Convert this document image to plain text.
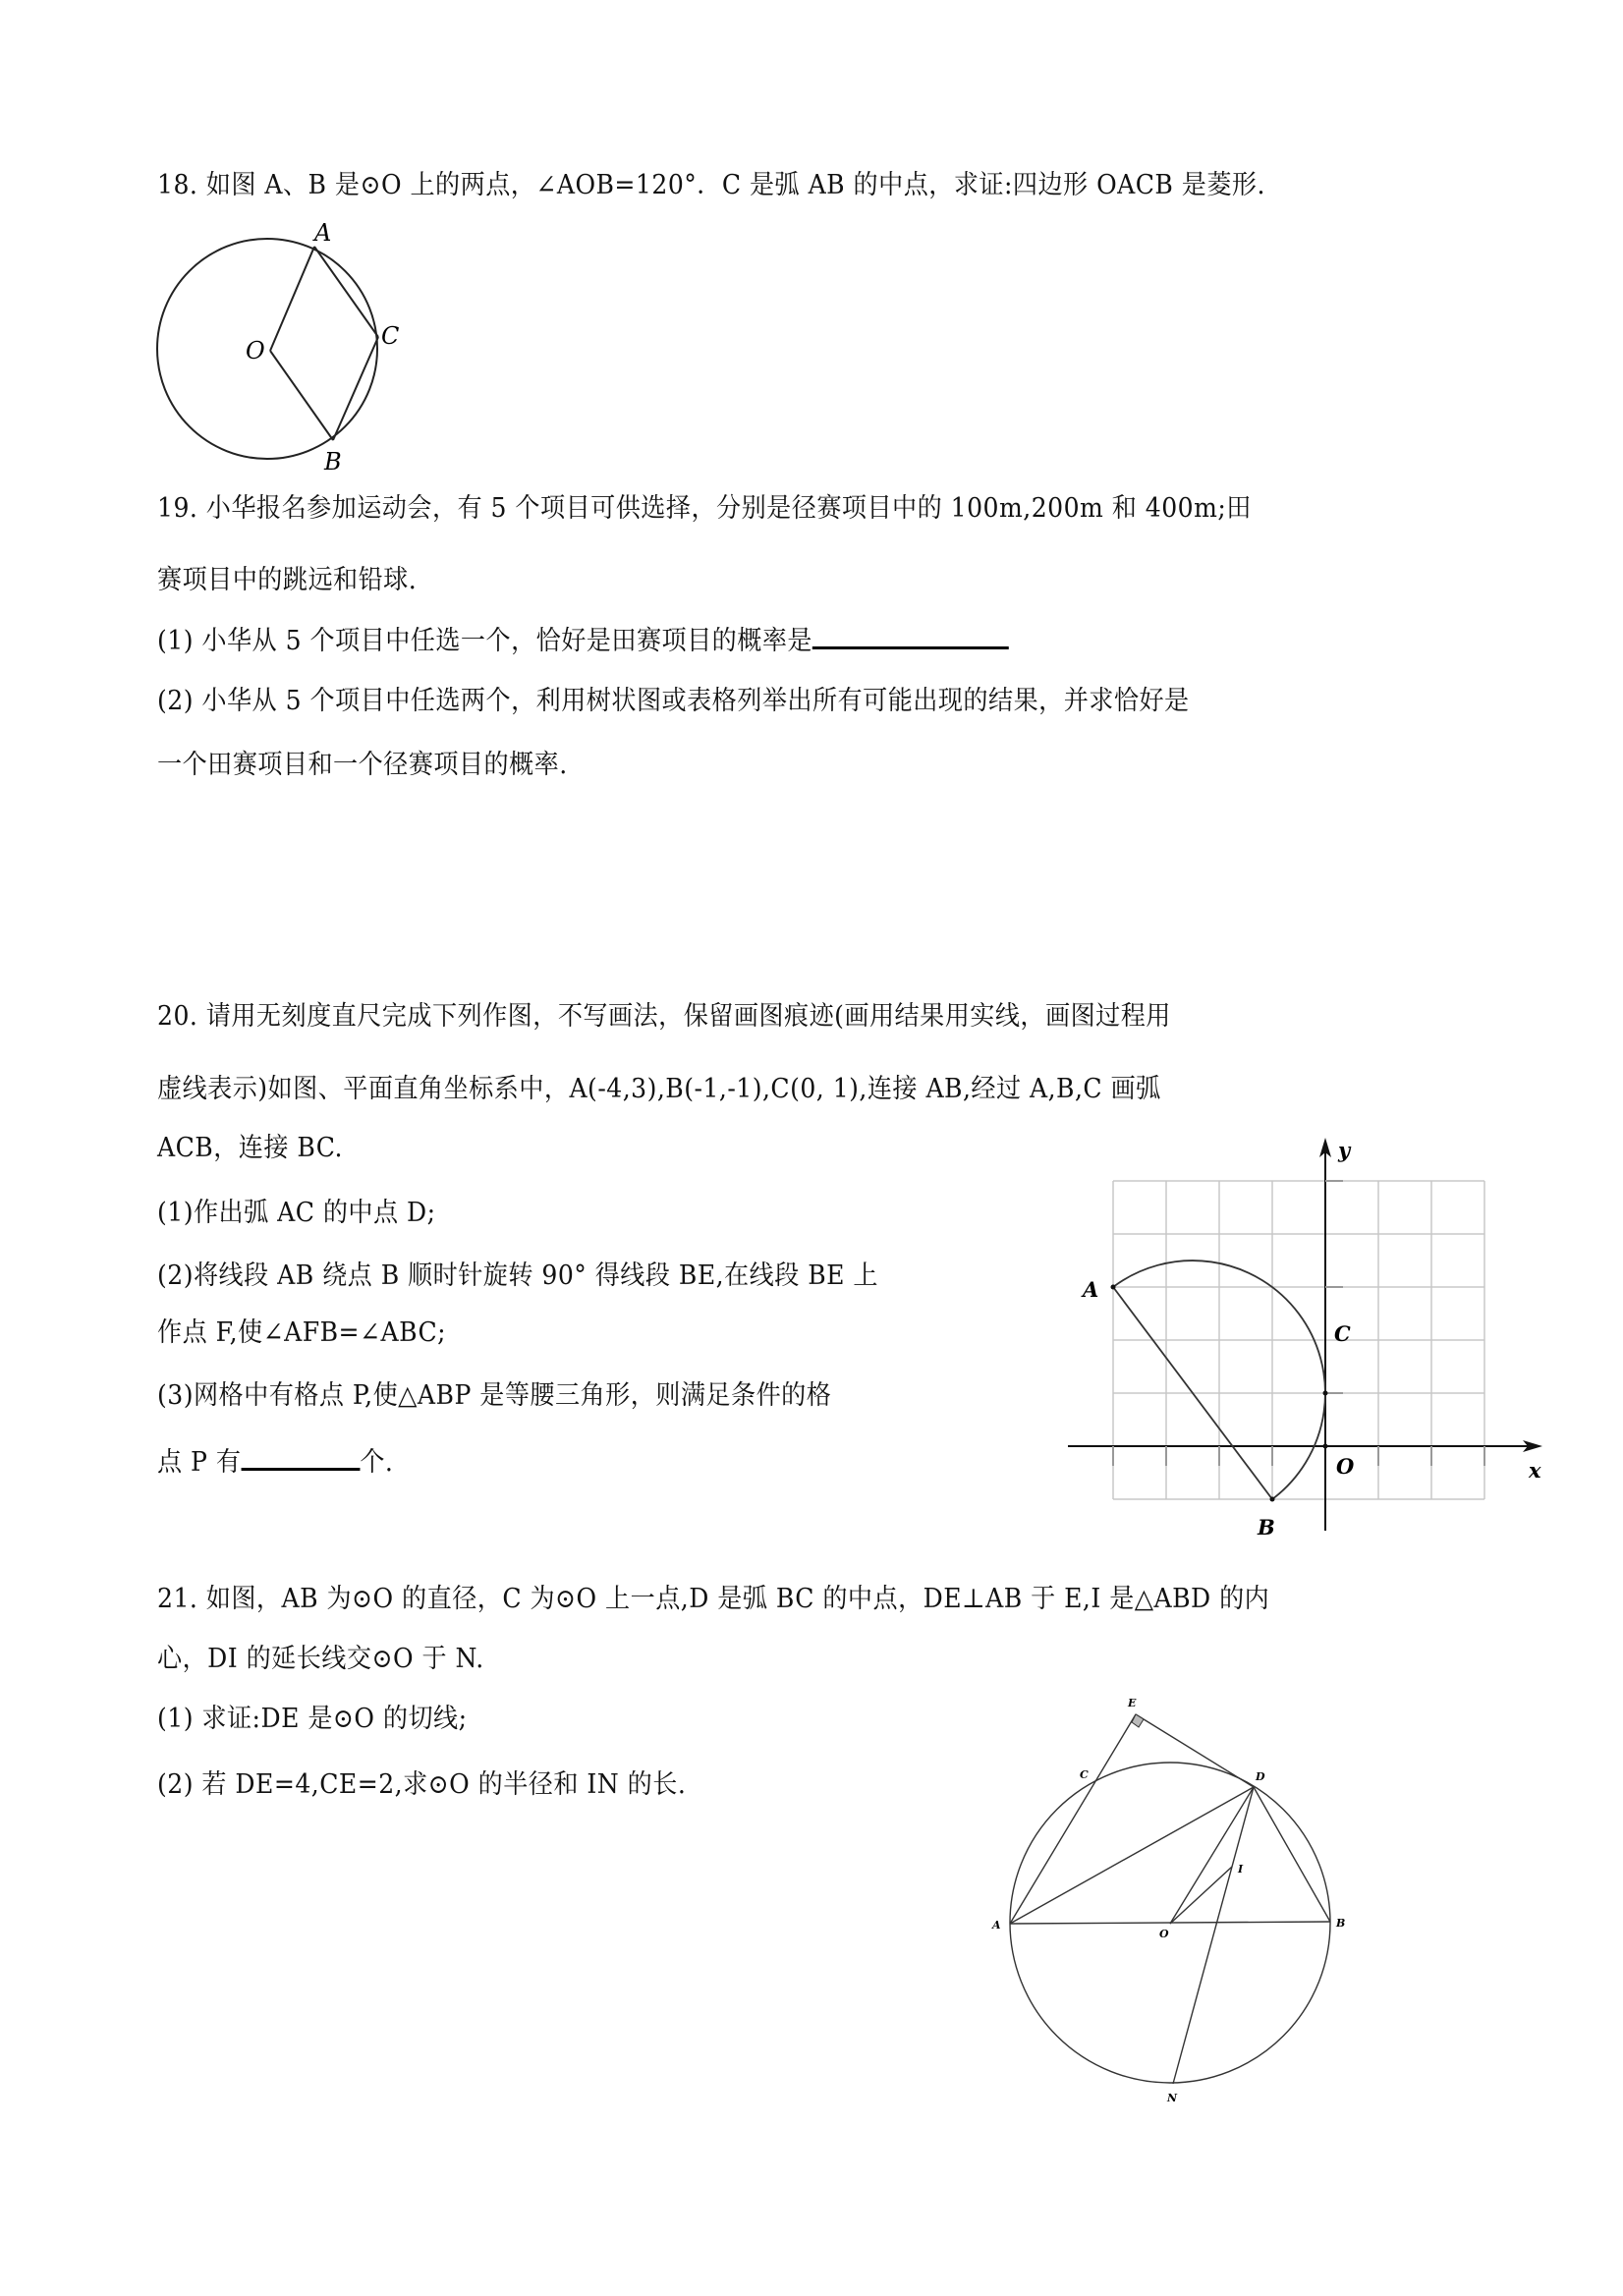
18. 如图 A、B 是⊙O 上的两点，∠AOB=120°．C 是弧 AB 的中点，求证:四边形 OACB 是菱形.
A
O
C
B
19. 小华报名参加运动会，有 5 个项目可供选择，分别是径赛项目中的 100m,200m 和 400m;田
赛项目中的跳远和铅球.
(1) 小华从 5 个项目中任选一个，恰好是田赛项目的概率是
(2) 小华从 5 个项目中任选两个，利用树状图或表格列举出所有可能出现的结果，并求恰好是
一个田赛项目和一个径赛项目的概率.
20. 请用无刻度直尺完成下列作图，不写画法，保留画图痕迹(画用结果用实线，画图过程用
虚线表示)如图、平面直角坐标系中，A(-4,3),B(-1,-1),C(0, 1),连接 AB,经过 A,B,C 画弧
ACB，连接 BC.
(1)作出弧 AC 的中点 D;
(2)将线段 AB 绕点 B 顺时针旋转 90° 得线段 BE,在线段 BE 上
作点 F,使∠AFB=∠ABC;
(3)网格中有格点 P,使△ABP 是等腰三角形，则满足条件的格
点 P 有	个.
A
B
C
O	x
y
21. 如图，AB 为⊙O 的直径，C 为⊙O 上一点,D 是弧 BC 的中点，DE⊥AB 于 E,I 是△ABD 的内
心，DI 的延长线交⊙O 于 N.
(1) 求证:DE 是⊙O 的切线;
(2) 若 DE=4,CE=2,求⊙O 的半径和 IN 的长.
E
C	D
I
A
O
B
N
